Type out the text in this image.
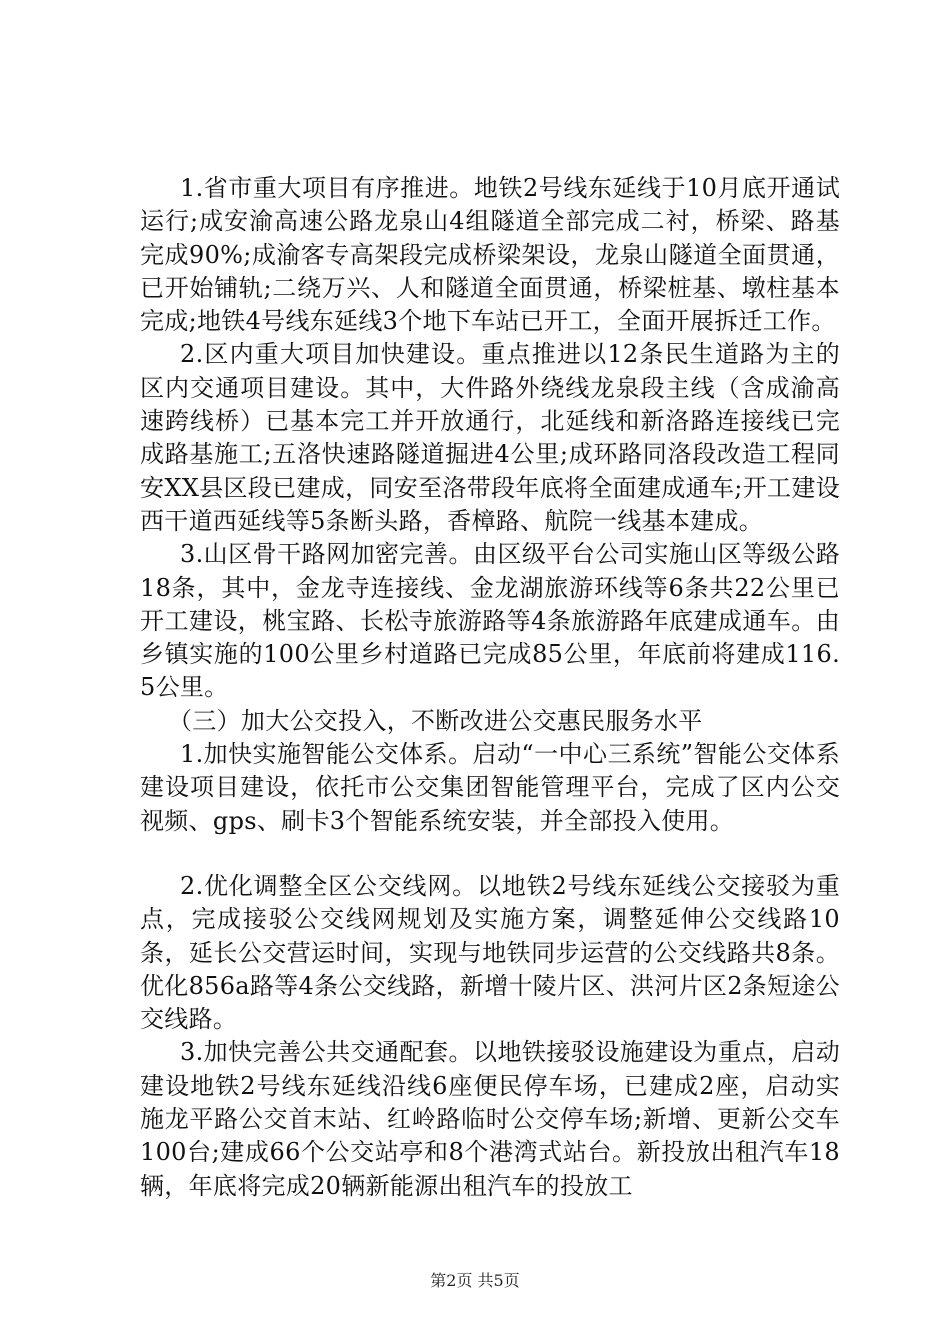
1.省市重大项目有序推进。地铁2号线东延线于10月底开通试运行;成安渝高速公路龙泉山4组隧道全部完成二衬，桥梁、路基完成90%;成渝客专高架段完成桥梁架设，龙泉山隧道全面贯通，已开始铺轨;二绕万兴、人和隧道全面贯通，桥梁桩基、墩柱基本完成;地铁4号线东延线3个地下车站已开工，全面开展拆迁工作。

2.区内重大项目加快建设。重点推进以12条民生道路为主的区内交通项目建设。其中，大件路外绕线龙泉段主线（含成渝高速跨线桥）已基本完工并开放通行，北延线和新洛路连接线已完成路基施工;五洛快速路隧道掘进4公里;成环路同洛段改造工程同安XX县区段已建成，同安至洛带段年底将全面建成通车;开工建设西干道西延线等5条断头路，香樟路、航院一线基本建成。

3.山区骨干路网加密完善。由区级平台公司实施山区等级公路18条，其中，金龙寺连接线、金龙湖旅游环线等6条共22公里已开工建设，桃宝路、长松寺旅游路等4条旅游路年底建成通车。由乡镇实施的100公里乡村道路已完成85公里，年底前将建成116.5公里。

（三）加大公交投入，不断改进公交惠民服务水平

1.加快实施智能公交体系。启动“一中心三系统”智能公交体系建设项目建设，依托市公交集团智能管理平台，完成了区内公交视频、gps、刷卡3个智能系统安装，并全部投入使用。

2.优化调整全区公交线网。以地铁2号线东延线公交接驳为重点，完成接驳公交线网规划及实施方案，调整延伸公交线路10条，延长公交营运时间，实现与地铁同步运营的公交线路共8条。优化856a路等4条公交线路，新增十陵片区、洪河片区2条短途公交线路。

3.加快完善公共交通配套。以地铁接驳设施建设为重点，启动建设地铁2号线东延线沿线6座便民停车场，已建成2座，启动实施龙平路公交首末站、红岭路临时公交停车场;新增、更新公交车100台;建成66个公交站亭和8个港湾式站台。新投放出租汽车18辆，年底将完成20辆新能源出租汽车的投放工

第2页 共5页
